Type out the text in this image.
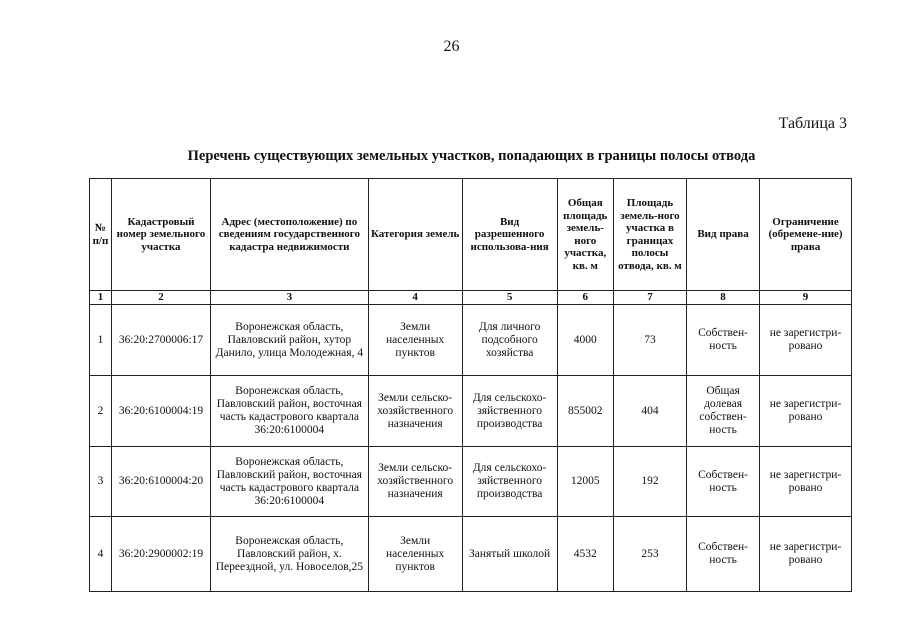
26
Таблица 3
Перечень существующих земельных участков, попадающих в границы полосы отвода
№ п/п	Кадастровый номер земельного участка	Адрес (местоположение) по сведениям государственного кадастра недвижимости	Категория земель	Вид разрешенного использова-ния	Общая площадь земель-ного участка, кв. м	Площадь земель-ного участка в границах полосы отвода, кв. м	Вид права	Ограничение (обремене-ние) права
1	2	3	4	5	6	7	8	9
1	36:20:2700006:17	Воронежская область, Павловский район, хутор Данило, улица Молодежная, 4	Земли населенных пунктов	Для личного подсобного хозяйства	4000	73	Собствен-ность	не зарегистри-ровано
2	36:20:6100004:19	Воронежская область, Павловский район, восточная часть кадастрового квартала 36:20:6100004	Земли сельско-хозяйственного назначения	Для сельскохо-зяйственного производства	855002	404	Общая долевая собствен-ность	не зарегистри-ровано
3	36:20:6100004:20	Воронежская область, Павловский район, восточная часть кадастрового квартала 36:20:6100004	Земли сельско-хозяйственного назначения	Для сельскохо-зяйственного производства	12005	192	Собствен-ность	не зарегистри-ровано
4	36:20:2900002:19	Воронежская область, Павловский район, х. Переездной, ул. Новоселов,25	Земли населенных пунктов	Занятый школой	4532	253	Собствен-ность	не зарегистри-ровано
